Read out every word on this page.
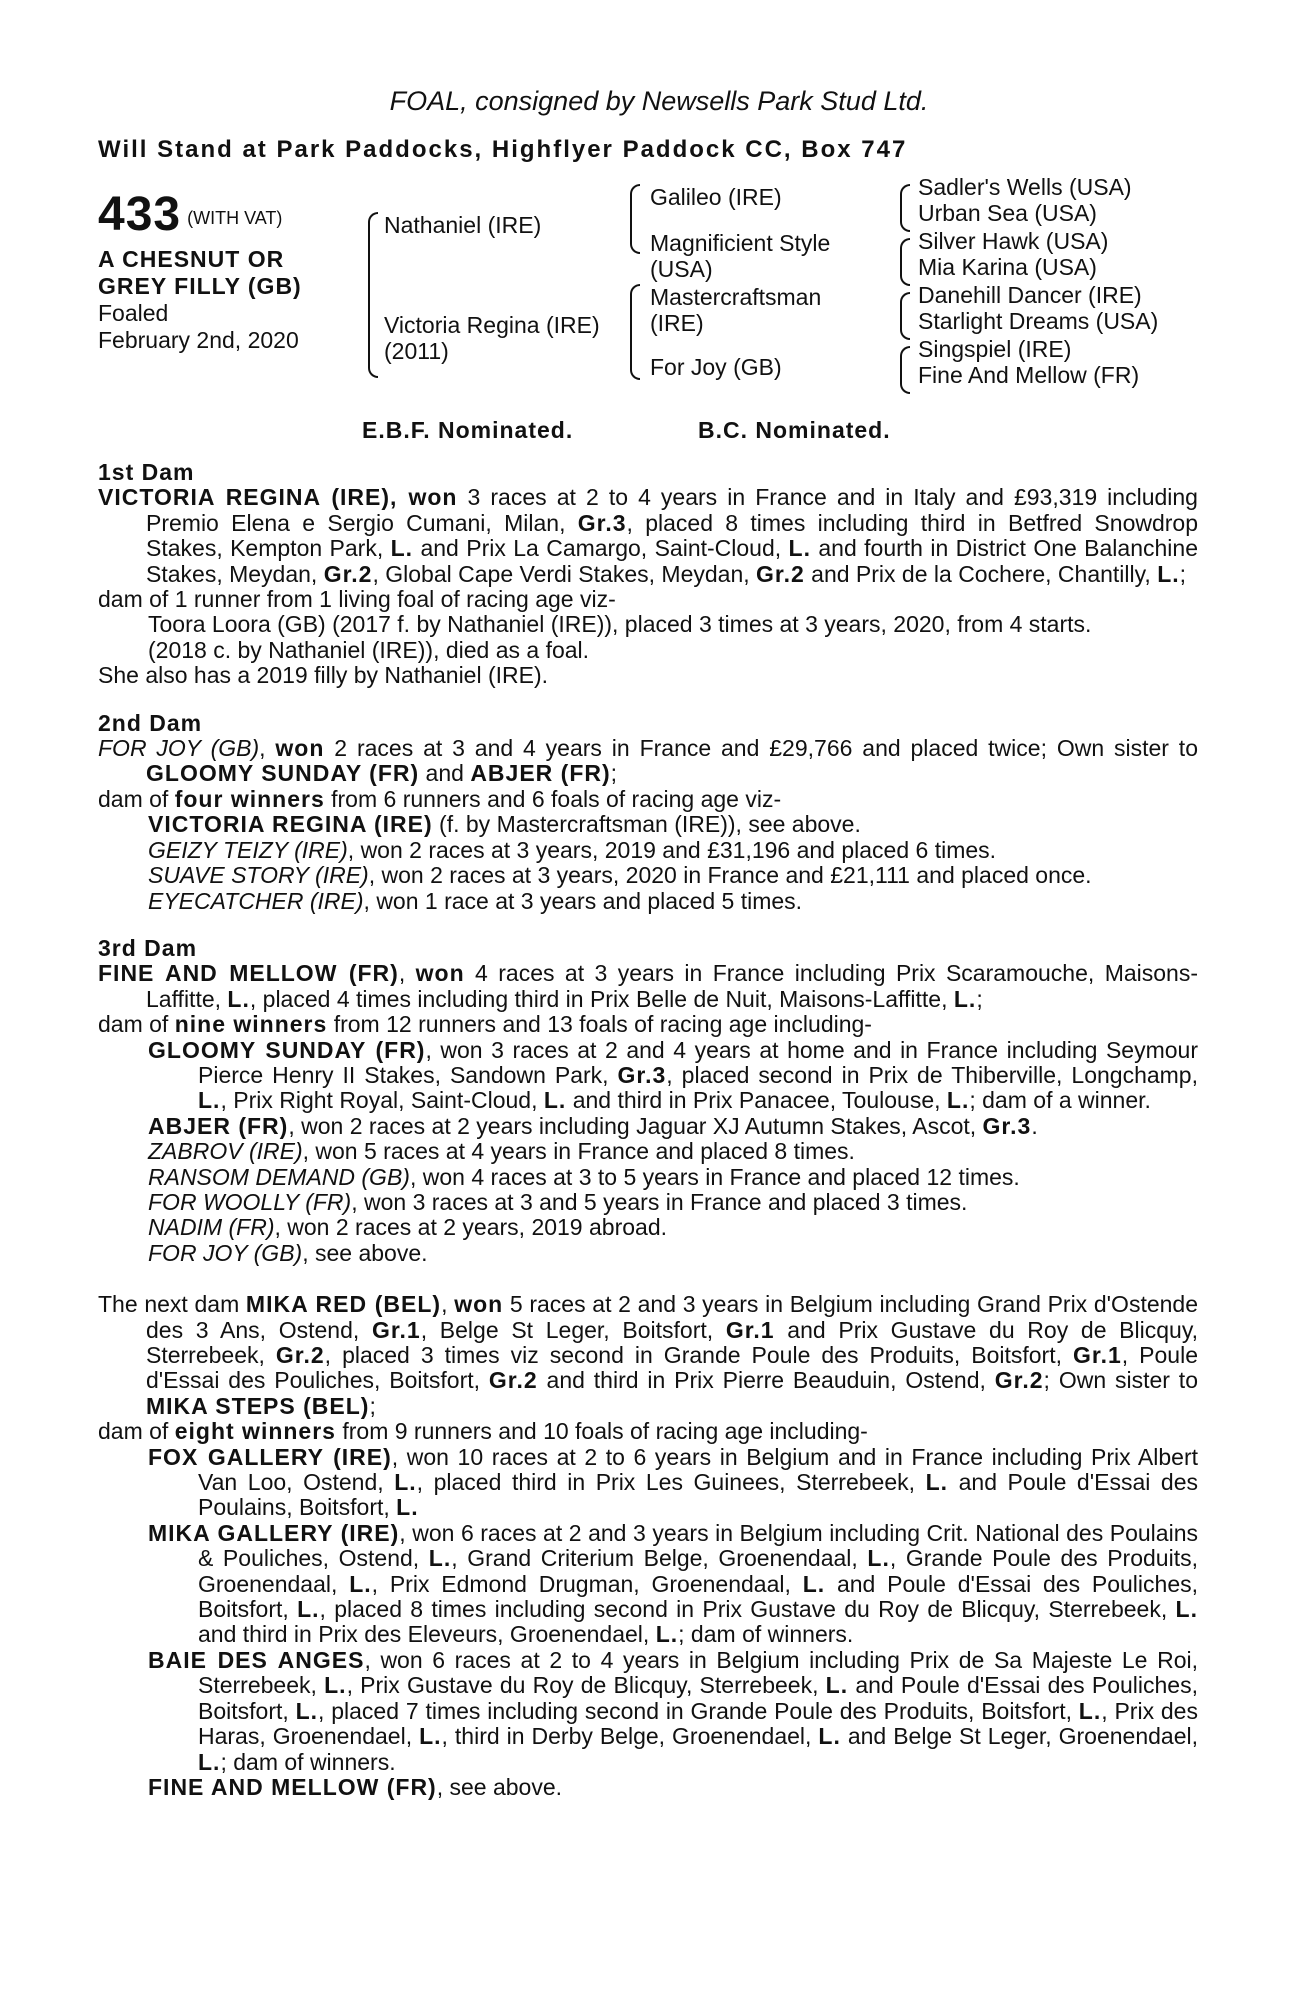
FOAL, consigned by Newsells Park Stud Ltd.
Will Stand at Park Paddocks, Highflyer Paddock CC, Box 747
433 $^{(WITH VAT)}$
A CHESNUT OR
GREY FILLY (GB)
Foaled
February 2nd, 2020
Nathaniel (IRE)
Victoria Regina (IRE)
(2011)
Galileo (IRE)
Magnificient Style
(USA)
Mastercraftsman
(IRE)
For Joy (GB)
Sadler's Wells (USA)
Urban Sea (USA)
Silver Hawk (USA)
Mia Karina (USA)
Danehill Dancer (IRE)
Starlight Dreams (USA)
Singspiel (IRE)
Fine And Mellow (FR)
E.B.F. Nominated.	B.C. Nominated.
1st Dam

VICTORIA REGINA (IRE), won 3 races at 2 to 4 years in France and in Italy and £93,319 including Premio Elena e Sergio Cumani, Milan, Gr.3, placed 8 times including third in Betfred Snowdrop Stakes, Kempton Park, L. and Prix La Camargo, Saint-Cloud, L. and fourth in District One Balanchine Stakes, Meydan, Gr.2, Global Cape Verdi Stakes, Meydan, Gr.2 and Prix de la Cochere, Chantilly, L.;

dam of 1 runner from 1 living foal of racing age viz-

Toora Loora (GB) (2017 f. by Nathaniel (IRE)), placed 3 times at 3 years, 2020, from 4 starts.

(2018 c. by Nathaniel (IRE)), died as a foal.

She also has a 2019 filly by Nathaniel (IRE).

2nd Dam

FOR JOY (GB), won 2 races at 3 and 4 years in France and £29,766 and placed twice; Own sister to GLOOMY SUNDAY (FR) and ABJER (FR);

dam of four winners from 6 runners and 6 foals of racing age viz-

VICTORIA REGINA (IRE) (f. by Mastercraftsman (IRE)), see above.

GEIZY TEIZY (IRE), won 2 races at 3 years, 2019 and £31,196 and placed 6 times.

SUAVE STORY (IRE), won 2 races at 3 years, 2020 in France and £21,111 and placed once.

EYECATCHER (IRE), won 1 race at 3 years and placed 5 times.

3rd Dam

FINE AND MELLOW (FR), won 4 races at 3 years in France including Prix Scaramouche, Maisons-Laffitte, L., placed 4 times including third in Prix Belle de Nuit, Maisons-Laffitte, L.;

dam of nine winners from 12 runners and 13 foals of racing age including-

GLOOMY SUNDAY (FR), won 3 races at 2 and 4 years at home and in France including Seymour Pierce Henry II Stakes, Sandown Park, Gr.3, placed second in Prix de Thiberville, Longchamp, L., Prix Right Royal, Saint-Cloud, L. and third in Prix Panacee, Toulouse, L.; dam of a winner.

ABJER (FR), won 2 races at 2 years including Jaguar XJ Autumn Stakes, Ascot, Gr.3.

ZABROV (IRE), won 5 races at 4 years in France and placed 8 times.

RANSOM DEMAND (GB), won 4 races at 3 to 5 years in France and placed 12 times.

FOR WOOLLY (FR), won 3 races at 3 and 5 years in France and placed 3 times.

NADIM (FR), won 2 races at 2 years, 2019 abroad.

FOR JOY (GB), see above.

The next dam MIKA RED (BEL), won 5 races at 2 and 3 years in Belgium including Grand Prix d'Ostende des 3 Ans, Ostend, Gr.1, Belge St Leger, Boitsfort, Gr.1 and Prix Gustave du Roy de Blicquy, Sterrebeek, Gr.2, placed 3 times viz second in Grande Poule des Produits, Boitsfort, Gr.1, Poule d'Essai des Pouliches, Boitsfort, Gr.2 and third in Prix Pierre Beauduin, Ostend, Gr.2; Own sister to MIKA STEPS (BEL);

dam of eight winners from 9 runners and 10 foals of racing age including-

FOX GALLERY (IRE), won 10 races at 2 to 6 years in Belgium and in France including Prix Albert Van Loo, Ostend, L., placed third in Prix Les Guinees, Sterrebeek, L. and Poule d'Essai des Poulains, Boitsfort, L.

MIKA GALLERY (IRE), won 6 races at 2 and 3 years in Belgium including Crit. National des Poulains & Pouliches, Ostend, L., Grand Criterium Belge, Groenendaal, L., Grande Poule des Produits, Groenendaal, L., Prix Edmond Drugman, Groenendaal, L. and Poule d'Essai des Pouliches, Boitsfort, L., placed 8 times including second in Prix Gustave du Roy de Blicquy, Sterrebeek, L. and third in Prix des Eleveurs, Groenendael, L.; dam of winners.

BAIE DES ANGES, won 6 races at 2 to 4 years in Belgium including Prix de Sa Majeste Le Roi, Sterrebeek, L., Prix Gustave du Roy de Blicquy, Sterrebeek, L. and Poule d'Essai des Pouliches, Boitsfort, L., placed 7 times including second in Grande Poule des Produits, Boitsfort, L., Prix des Haras, Groenendael, L., third in Derby Belge, Groenendael, L. and Belge St Leger, Groenendael, L.; dam of winners.

FINE AND MELLOW (FR), see above.
